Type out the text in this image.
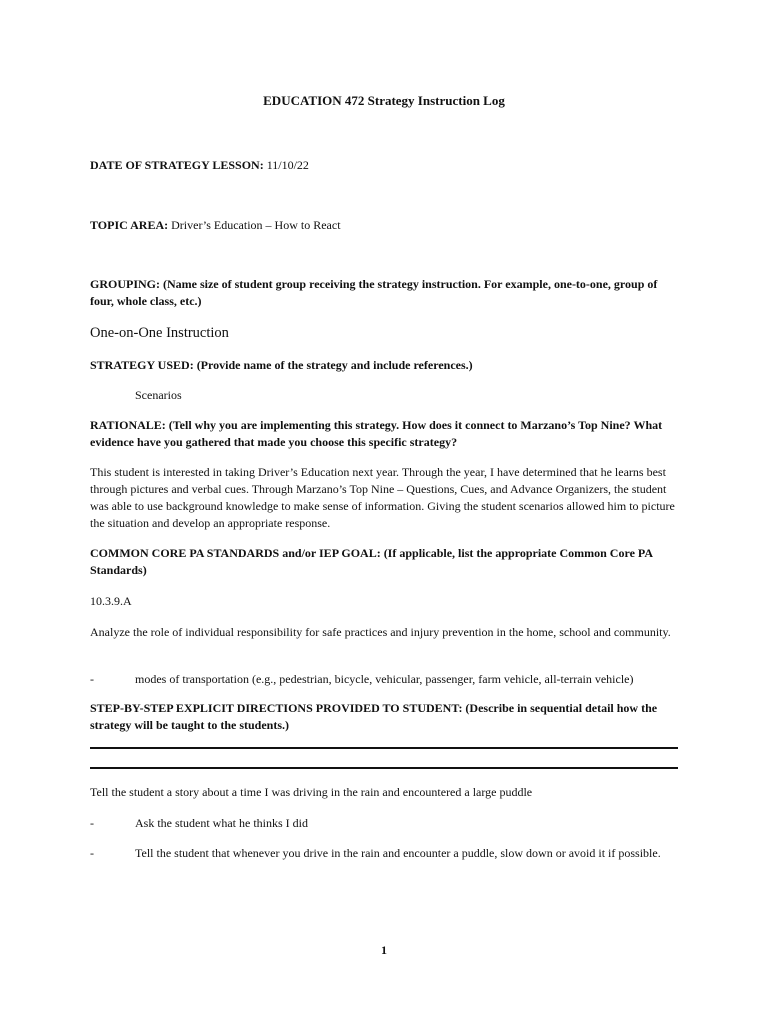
EDUCATION 472 Strategy Instruction Log
DATE OF STRATEGY LESSON: 11/10/22
TOPIC AREA: Driver’s Education – How to React
GROUPING: (Name size of student group receiving the strategy instruction. For example, one-to-one, group of four, whole class, etc.)
One-on-One Instruction
STRATEGY USED: (Provide name of the strategy and include references.)
Scenarios
RATIONALE: (Tell why you are implementing this strategy. How does it connect to Marzano’s Top Nine? What evidence have you gathered that made you choose this specific strategy?
This student is interested in taking Driver’s Education next year. Through the year, I have determined that he learns best through pictures and verbal cues. Through Marzano’s Top Nine – Questions, Cues, and Advance Organizers, the student was able to use background knowledge to make sense of information. Giving the student scenarios allowed him to picture the situation and develop an appropriate response.
COMMON CORE PA STANDARDS and/or IEP GOAL: (If applicable, list the appropriate Common Core PA Standards)
10.3.9.A
Analyze the role of individual responsibility for safe practices and injury prevention in the home, school and community.
-	modes of transportation (e.g., pedestrian, bicycle, vehicular, passenger, farm vehicle, all-terrain vehicle)
STEP-BY-STEP EXPLICIT DIRECTIONS PROVIDED TO STUDENT: (Describe in sequential detail how the strategy will be taught to the students.)
Tell the student a story about a time I was driving in the rain and encountered a large puddle
-	Ask the student what he thinks I did
-	Tell the student that whenever you drive in the rain and encounter a puddle, slow down or avoid it if possible.
1
